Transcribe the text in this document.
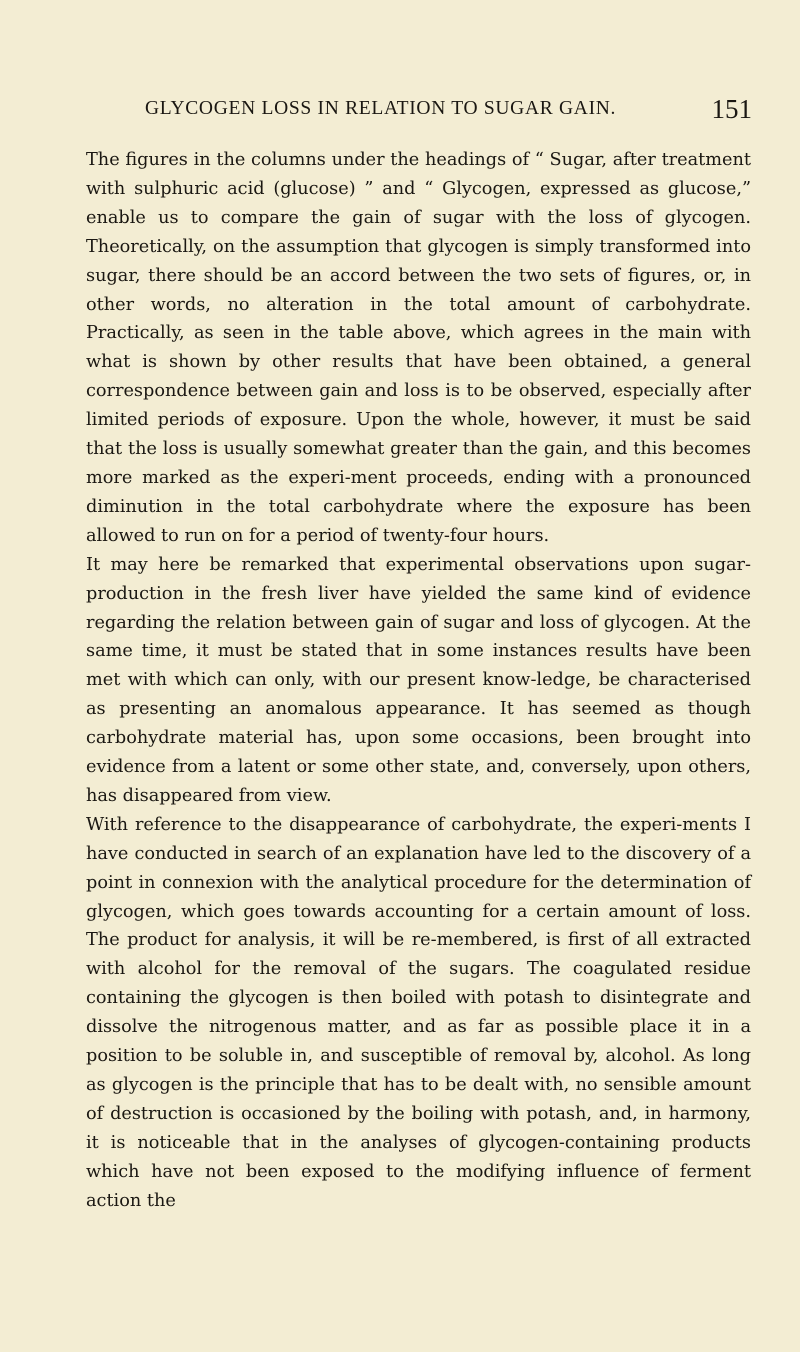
GLYCOGEN LOSS IN RELATION TO SUGAR GAIN.	151

The figures in the columns under the headings of “ Sugar, after treatment with sulphuric acid (glucose) ” and “ Glycogen, expressed as glucose,” enable us to compare the gain of sugar with the loss of glycogen. Theoretically, on the assumption that glycogen is simply transformed into sugar, there should be an accord between the two sets of figures, or, in other words, no alteration in the total amount of carbohydrate. Practically, as seen in the table above, which agrees in the main with what is shown by other results that have been obtained, a general correspondence between gain and loss is to be observed, especially after limited periods of exposure. Upon the whole, however, it must be said that the loss is usually somewhat greater than the gain, and this becomes more marked as the experi-ment proceeds, ending with a pronounced diminution in the total carbohydrate where the exposure has been allowed to run on for a period of twenty-four hours.

It may here be remarked that experimental observations upon sugar-production in the fresh liver have yielded the same kind of evidence regarding the relation between gain of sugar and loss of glycogen. At the same time, it must be stated that in some instances results have been met with which can only, with our present know-ledge, be characterised as presenting an anomalous appearance. It has seemed as though carbohydrate material has, upon some occasions, been brought into evidence from a latent or some other state, and, conversely, upon others, has disappeared from view.

With reference to the disappearance of carbohydrate, the experi-ments I have conducted in search of an explanation have led to the discovery of a point in connexion with the analytical procedure for the determination of glycogen, which goes towards accounting for a certain amount of loss. The product for analysis, it will be re-membered, is first of all extracted with alcohol for the removal of the sugars. The coagulated residue containing the glycogen is then boiled with potash to disintegrate and dissolve the nitrogenous matter, and as far as possible place it in a position to be soluble in, and susceptible of removal by, alcohol. As long as glycogen is the principle that has to be dealt with, no sensible amount of destruction is occasioned by the boiling with potash, and, in harmony, it is noticeable that in the analyses of glycogen-containing products which have not been exposed to the modifying influence of ferment action the
